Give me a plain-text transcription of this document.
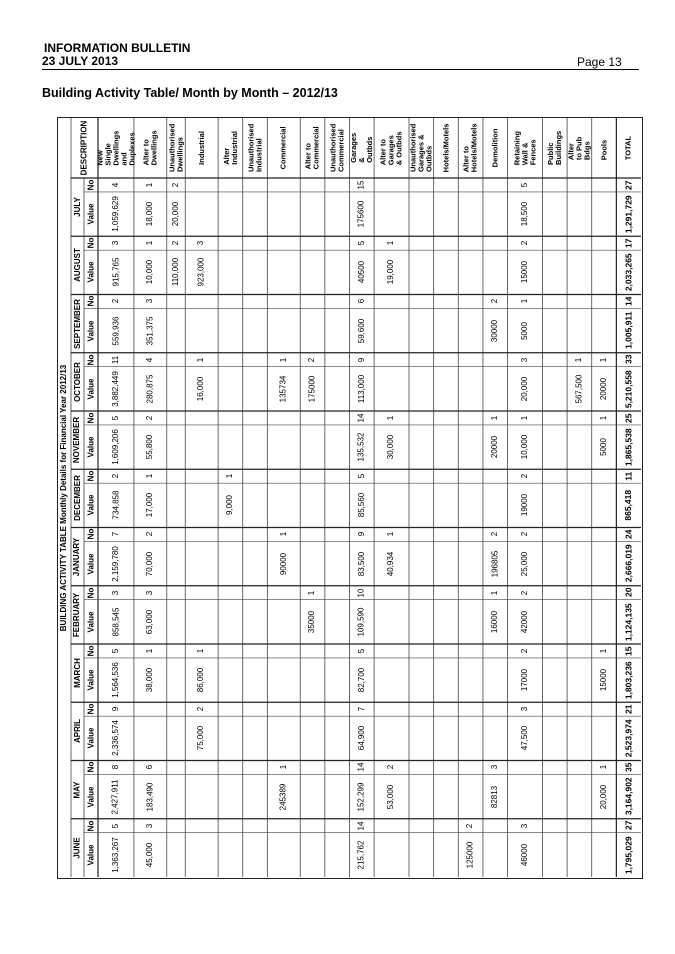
INFORMATION BULLETIN
23 JULY 2013	Page 13
Building Activity Table/ Month by Month – 2012/13
BUILDING ACTIVITY TABLE Monthly Details for Financial Year 2012/13
DESCRIPTION
JULY
No
Value
AUGUST
No
Value
SEPTEMBER No
Value
OCTOBER
No
Value
NOVEMBER No
Value
DECEMBER No
Value
JANUARY
No
Value
FEBRUARY
No
Value
MARCH
No
Value
APRIL
No
Value
MAY
No
Value
JUNE
No
Value
New Single Dwellings and Duplexes
4
1,059,629
3
915,765
2
559,936
11
3,882,449
5
1,609,206
2
734,858
7
2,159,780
3
858,545
5
1,564,536
9
2,336,574
8
2,427,911
5
1,363,267
Alter to Dwellings
1
18,000
1
10,000
3
351,375
4
280,875
2
55,800
1
17,000
2
70,000
3
63,000
1
38,000
6
183,490
3
45,000
Unauthorised Dwellings
2
20,000
2
110,000
Industrial
3
923,000
1
16,000
1
86,000
2
75,000
Alter Industrial
1
9,000
Unauthorised Industrial Commercial
1
135734
1
90000
1
245389
Alter to Commercial
2
175000
1
35000
Unauthorised Commercial Garages & Outbds
15
175600
5
40500
6
59,600
9
113,000
14
135,532
5
85,560
9
83,500
10
109,590
5
82,700
7
64,900
14
152,299
14
215,762
Alter to Garages & Outbds
1
19,000
1
30,000
1
40,934
2
53,000
Unauthorised Garages & Outbds Hotels/Motels Alter to Hotels/Motels
2
125000
Demolition
2
30000
1
20000
2
196805
1
16000
3
82813
Retaining Wall & Fences
5
18,500
2
15000
1
5000
3
20,000
1
10,000
2
19000
2
25,000
2
42000
2
17000
3
47,500
3
46000
Public Buildings Alter to Pub Bdgs
1
567,500
Pools
1
20000
1
5000
1
15000
1
20,000
TOTAL
27
1,291,729
17
2,033,265
14
1,005,911
33
5,210,558
25
1,865,538
11
865,418
24
2,666,019
20
1,124,135
15
1,803,236
21
2,523,974
35
3,164,902
27
1,795,029
